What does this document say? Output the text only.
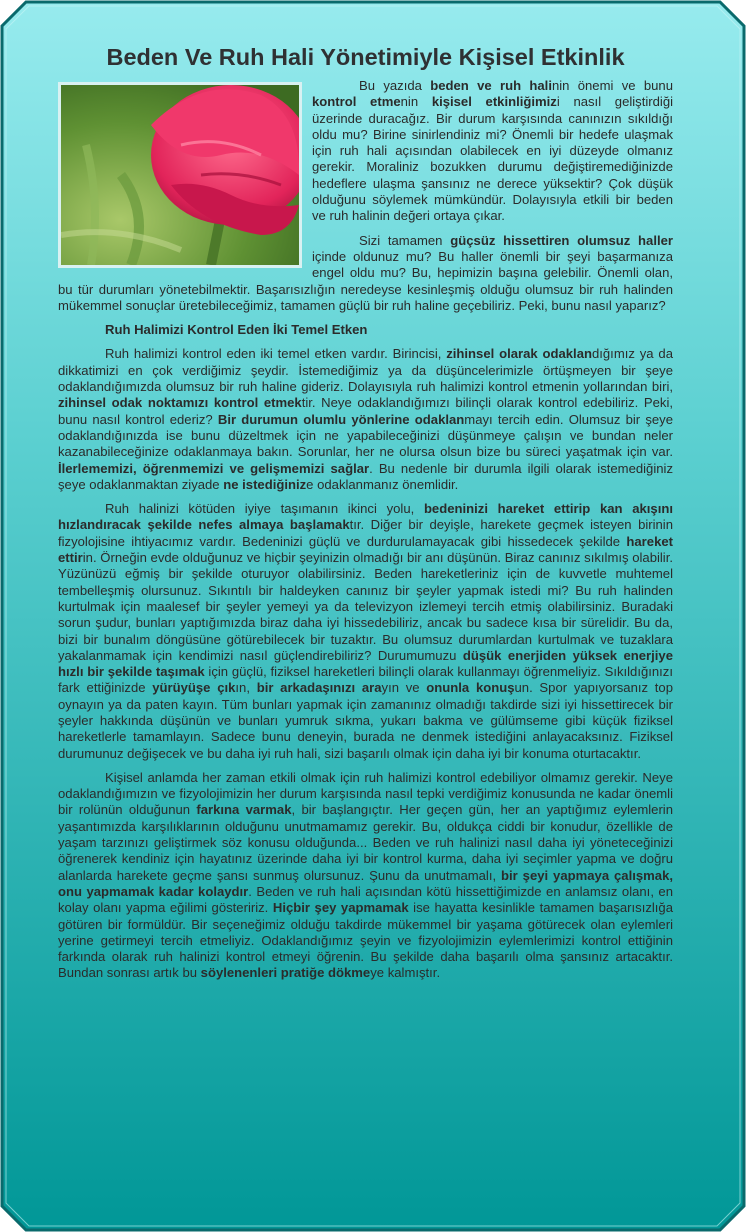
Beden Ve Ruh Hali Yönetimiyle Kişisel Etkinlik

Bu yazıda beden ve ruh halinin önemi ve bunu kontrol etmenin kişisel etkinliğimizi nasıl geliştirdiği üzerinde duracağız. Bir durum karşısında canınızın sıkıldığı oldu mu? Birine sinirlendiniz mi? Önemli bir hedefe ulaşmak için ruh hali açısından olabilecek en iyi düzeyde olmanız gerekir. Moraliniz bozukken durumu değiştiremediğinizde hedeflere ulaşma şansınız ne derece yüksektir? Çok düşük olduğunu söylemek mümkündür. Dolayısıyla etkili bir beden ve ruh halinin değeri ortaya çıkar.

Sizi tamamen güçsüz hissettiren olumsuz haller içinde oldunuz mu? Bu haller önemli bir şeyi başarmanıza engel oldu mu? Bu, hepimizin başına gelebilir. Önemli olan, bu tür durumları yönetebilmektir. Başarısızlığın neredeyse kesinleşmiş olduğu olumsuz bir ruh halinden mükemmel sonuçlar üretebileceğimiz, tamamen güçlü bir ruh haline geçebiliriz. Peki, bunu nasıl yaparız?

Ruh Halimizi Kontrol Eden İki Temel Etken

Ruh halimizi kontrol eden iki temel etken vardır. Birincisi, zihinsel olarak odaklandığımız ya da dikkatimizi en çok verdiğimiz şeydir. İstemediğimiz ya da düşüncelerimizle örtüşmeyen bir şeye odaklandığımızda olumsuz bir ruh haline gideriz. Dolayısıyla ruh halimizi kontrol etmenin yollarından biri, zihinsel odak noktamızı kontrol etmektir. Neye odaklandığımızı bilinçli olarak kontrol edebiliriz. Peki, bunu nasıl kontrol ederiz? Bir durumun olumlu yönlerine odaklanmayı tercih edin. Olumsuz bir şeye odaklandığınızda ise bunu düzeltmek için ne yapabileceğinizi düşünmeye çalışın ve bundan neler kazanabileceğinize odaklanmaya bakın. Sorunlar, her ne olursa olsun bize bu süreci yaşatmak için var. İlerlememizi, öğrenmemizi ve gelişmemizi sağlar. Bu nedenle bir durumla ilgili olarak istemediğiniz şeye odaklanmaktan ziyade ne istediğinize odaklanmanız önemlidir.

Ruh halinizi kötüden iyiye taşımanın ikinci yolu, bedeninizi hareket ettirip kan akışını hızlandıracak şekilde nefes almaya başlamaktır. Diğer bir deyişle, harekete geçmek isteyen birinin fizyolojisine ihtiyacımız vardır. Bedeninizi güçlü ve durdurulamayacak gibi hissedecek şekilde hareket ettirin. Örneğin evde olduğunuz ve hiçbir şeyinizin olmadığı bir anı düşünün. Biraz canınız sıkılmış olabilir. Yüzünüzü eğmiş bir şekilde oturuyor olabilirsiniz. Beden hareketleriniz için de kuvvetle muhtemel tembelleşmiş olursunuz. Sıkıntılı bir haldeyken canınız bir şeyler yapmak istedi mi? Bu ruh halinden kurtulmak için maalesef bir şeyler yemeyi ya da televizyon izlemeyi tercih etmiş olabilirsiniz. Buradaki sorun şudur, bunları yaptığımızda biraz daha iyi hissedebiliriz, ancak bu sadece kısa bir sürelidir. Bu da, bizi bir bunalım döngüsüne götürebilecek bir tuzaktır. Bu olumsuz durumlardan kurtulmak ve tuzaklara yakalanmamak için kendimizi nasıl güçlendirebiliriz? Durumumuzu düşük enerjiden yüksek enerjiye hızlı bir şekilde taşımak için güçlü, fiziksel hareketleri bilinçli olarak kullanmayı öğrenmeliyiz. Sıkıldığınızı fark ettiğinizde yürüyüşe çıkın, bir arkadaşınızı arayın ve onunla konuşun. Spor yapıyorsanız top oynayın ya da paten kayın. Tüm bunları yapmak için zamanınız olmadığı takdirde sizi iyi hissettirecek bir şeyler hakkında düşünün ve bunları yumruk sıkma, yukarı bakma ve gülümseme gibi küçük fiziksel hareketlerle tamamlayın. Sadece bunu deneyin, burada ne denmek istediğini anlayacaksınız. Fiziksel durumunuz değişecek ve bu daha iyi ruh hali, sizi başarılı olmak için daha iyi bir konuma oturtacaktır.

Kişisel anlamda her zaman etkili olmak için ruh halimizi kontrol edebiliyor olmamız gerekir. Neye odaklandığımızın ve fizyolojimizin her durum karşısında nasıl tepki verdiğimiz konusunda ne kadar önemli bir rolünün olduğunun farkına varmak, bir başlangıçtır. Her geçen gün, her an yaptığımız eylemlerin yaşantımızda karşılıklarının olduğunu unutmamamız gerekir. Bu, oldukça ciddi bir konudur, özellikle de yaşam tarzınızı geliştirmek söz konusu olduğunda... Beden ve ruh halinizi nasıl daha iyi yöneteceğinizi öğrenerek kendiniz için hayatınız üzerinde daha iyi bir kontrol kurma, daha iyi seçimler yapma ve doğru alanlarda harekete geçme şansı sunmuş olursunuz. Şunu da unutmamalı, bir şeyi yapmaya çalışmak, onu yapmamak kadar kolaydır. Beden ve ruh hali açısından kötü hissettiğimizde en anlamsız olanı, en kolay olanı yapma eğilimi gösteririz. Hiçbir şey yapmamak ise hayatta kesinlikle tamamen başarısızlığa götüren bir formüldür. Bir seçeneğimiz olduğu takdirde mükemmel bir yaşama götürecek olan eylemleri yerine getirmeyi tercih etmeliyiz. Odaklandığımız şeyin ve fizyolojimizin eylemlerimizi kontrol ettiğinin farkında olarak ruh halinizi kontrol etmeyi öğrenin. Bu şekilde daha başarılı olma şansınız artacaktır. Bundan sonrası artık bu söylenenleri pratiğe dökmeye kalmıştır.
